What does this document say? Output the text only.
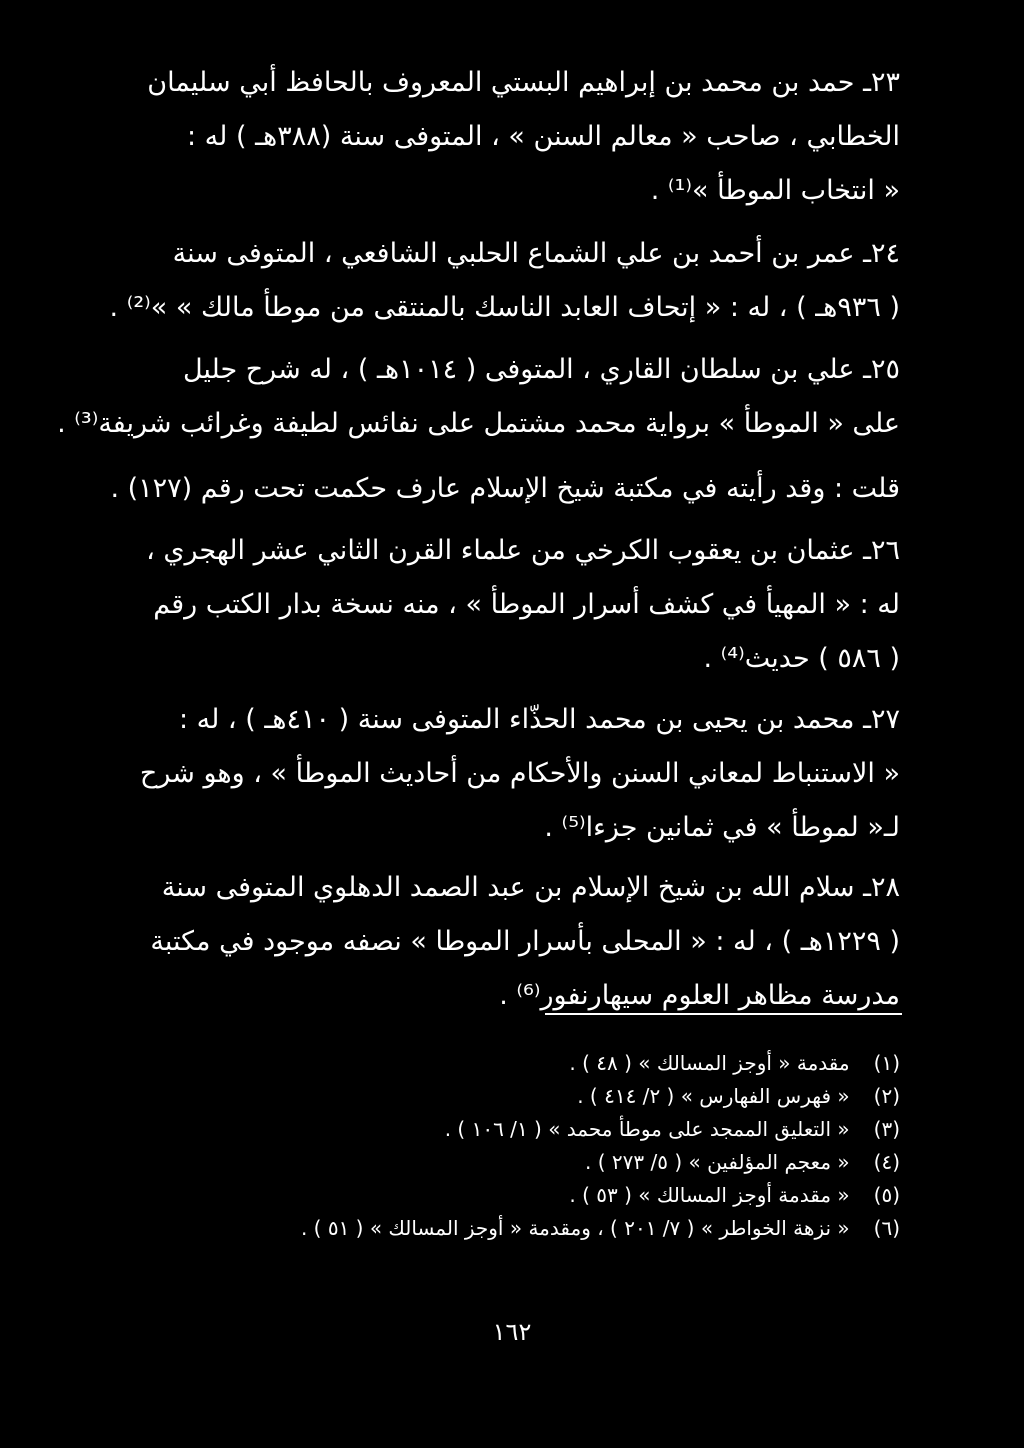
٢٣ـ حمد بن محمد بن إبراهيم البستي المعروف بالحافظ أبي سليمان
الخطابي ، صاحب « معالم السنن » ، المتوفى سنة (٣٨٨هـ ) له :
« انتخاب الموطأ »⁽¹⁾ .
٢٤ـ عمر بن أحمد بن علي الشماع الحلبي الشافعي ، المتوفى سنة
( ٩٣٦هـ ) ، له : « إتحاف العابد الناسك بالمنتقى من موطأ مالك » »⁽²⁾ .
٢٥ـ علي بن سلطان القاري ، المتوفى ( ١٠١٤هـ ) ، له شرح جليل
على « الموطأ » بروایة محمد مشتمل على نفائس لطيفة وغرائب شريفة⁽³⁾ .
قلت : وقد رأيته في مكتبة شيخ الإسلام عارف حكمت تحت رقم (١٢٧) .
٢٦ـ عثمان بن يعقوب الكرخي من علماء القرن الثاني عشر الهجري ،
له : « المهيأ في كشف أسرار الموطأ » ، منه نسخة بدار الكتب رقم
( ٥٨٦ ) حديث⁽⁴⁾ .
٢٧ـ محمد بن يحيى بن محمد الحذّاء المتوفى سنة ( ٤١٠هـ ) ، له :
« الاستنباط لمعاني السنن والأحكام من أحاديث الموطأ » ، وهو شرح
لـ« لموطأ » في ثمانين جزءا⁽⁵⁾ .
٢٨ـ سلام الله بن شيخ الإسلام بن عبد الصمد الدهلوي المتوفى سنة
( ١٢٢٩هـ ) ، له : « المحلى بأسرار الموطا » نصفه موجود في مكتبة
مدرسة مظاهر العلوم سيهارنفور⁽⁶⁾ .
(١) مقدمة « أوجز المسالك » ( ٤٨ ) .
(٢) « فهرس الفهارس » ( ٢/ ٤١٤ ) .
(٣) « التعليق الممجد على موطأ محمد » ( ١/ ١٠٦ ) .
(٤) « معجم المؤلفين » ( ٥/ ٢٧٣ ) .
(٥) « مقدمة أوجز المسالك » ( ٥٣ ) .
(٦) « نزهة الخواطر » ( ٧/ ٢٠١ ) ، ومقدمة « أوجز المسالك » ( ٥١ ) .
١٦٢
